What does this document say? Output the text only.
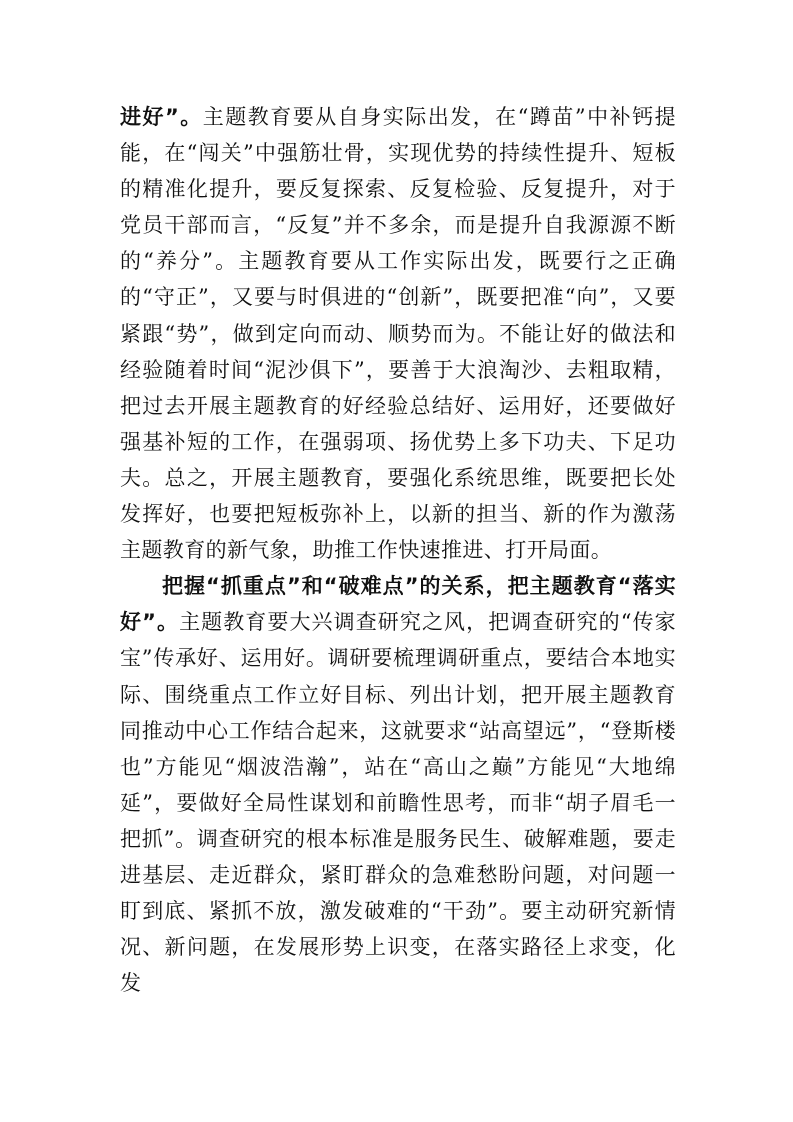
进好”。主题教育要从自身实际出发，在“蹲苗”中补钙提能，在“闯关”中强筋壮骨，实现优势的持续性提升、短板的精准化提升，要反复探索、反复检验、反复提升，对于党员干部而言，“反复”并不多余，而是提升自我源源不断的“养分”。主题教育要从工作实际出发，既要行之正确的“守正”，又要与时俱进的“创新”，既要把准“向”，又要紧跟“势”，做到定向而动、顺势而为。不能让好的做法和经验随着时间“泥沙俱下”，要善于大浪淘沙、去粗取精，把过去开展主题教育的好经验总结好、运用好，还要做好强基补短的工作，在强弱项、扬优势上多下功夫、下足功夫。总之，开展主题教育，要强化系统思维，既要把长处发挥好，也要把短板弥补上，以新的担当、新的作为激荡主题教育的新气象，助推工作快速推进、打开局面。

把握“抓重点”和“破难点”的关系，把主题教育“落实好”。主题教育要大兴调查研究之风，把调查研究的“传家宝”传承好、运用好。调研要梳理调研重点，要结合本地实际、围绕重点工作立好目标、列出计划，把开展主题教育同推动中心工作结合起来，这就要求“站高望远”，“登斯楼也”方能见“烟波浩瀚”，站在“高山之巅”方能见“大地绵延”，要做好全局性谋划和前瞻性思考，而非“胡子眉毛一把抓”。调查研究的根本标准是服务民生、破解难题，要走进基层、走近群众，紧盯群众的急难愁盼问题，对问题一盯到底、紧抓不放，激发破难的“干劲”。要主动研究新情况、新问题，在发展形势上识变，在落实路径上求变，化发
